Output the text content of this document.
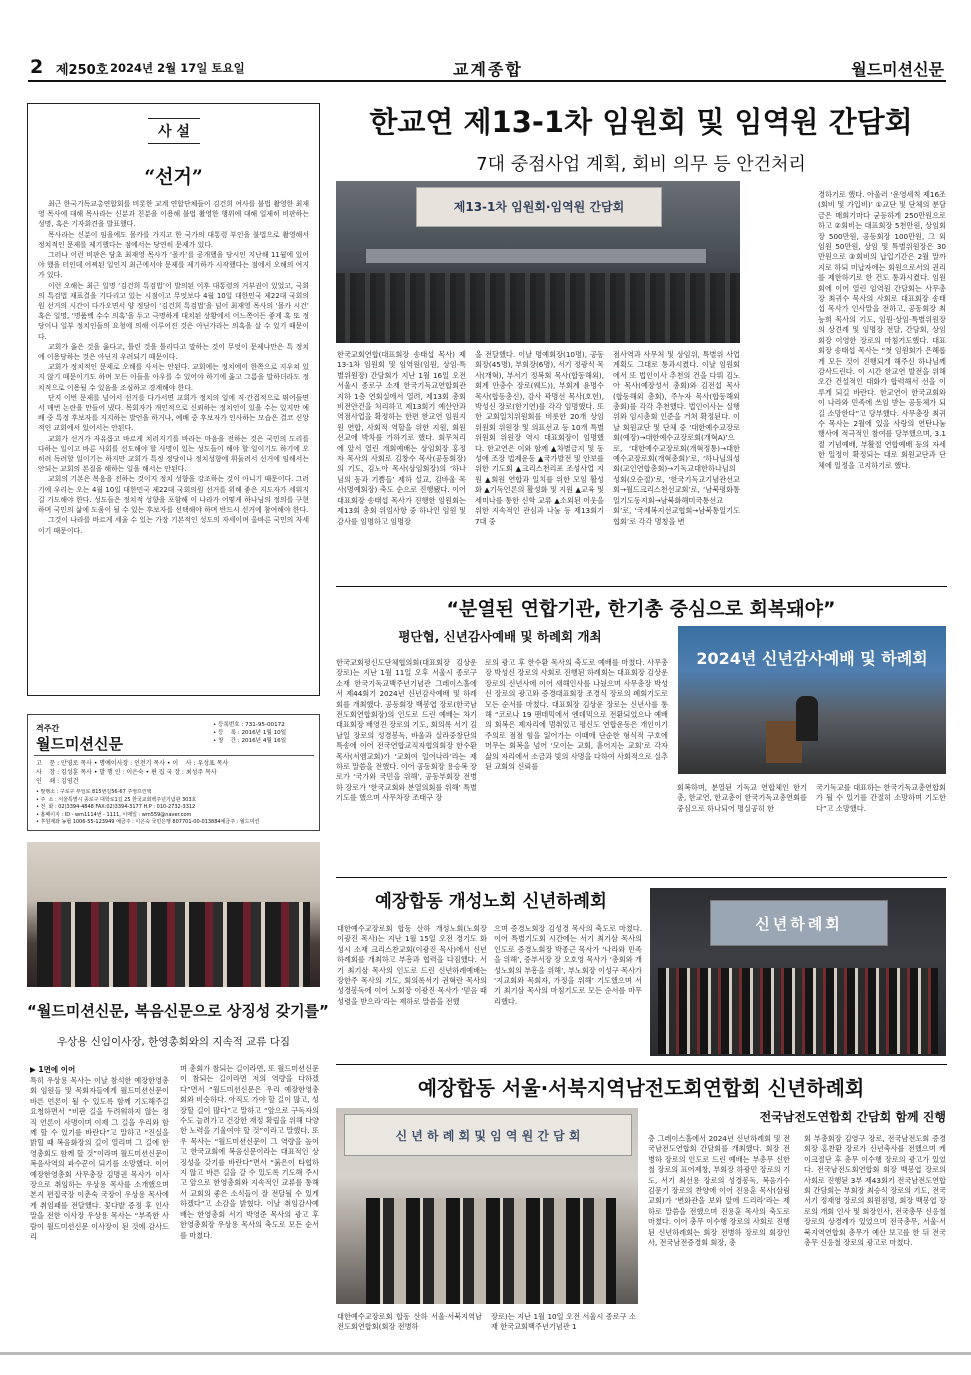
2 제250호 2024년 2월 17일 토요일	교계종합	월드미션신문
사 설
“선거”

최근 한국기독교총연합회를 비롯한 교계 연합단체들이 김건희 여사를 불법 촬영한 최재영 목사에 대해 목사라는 신분과 친분을 이용해 불법 촬영한 행위에 대해 일제히 비판하는 성명, 혹은 기자회견을 발표했다.

목사라는 신분이 임을에도 몰카를 가지고 한 국가의 대통령 부인을 불법으로 촬영해서 정치적인 문제를 제기했다는 점에서는 당연히 문제가 있다.

그러나 이런 비판은 담초 최재영 목사가 ‘몰카’를 공개했을 당시인 지난해 11월에 있어야 했을 터인데 어찌된 일인지 최근에서야 문제를 제기하가 시작했다는 점에서 오해의 여지가 있다.

이런 오해는 최근 일명 ‘김건희 특검법’이 발의된 이후 대통령의 거부권이 있었고, 국회의 특검법 재표결을 기다리고 있는 시점이고 무엇보다 4월 10일 대한민국 제22대 국회의원 선거의 시간이 다가오면서 양 정당이 ‘김건희 특검법’을 넘어 최재영 목사의 ‘몰카 시건’ 혹은 일명, ‘명품백 수수 의혹’을 두고 극명하게 대치된 상황에서 어느쪽이든 좋게 혹 또 정당이나 일부 정치인들의 요청에 의해 이루어진 것은 아닌가라는 의혹을 살 수 있기 때문이다.

교회가 옳은 것을 옳다고, 틀린 것을 틀리다고 말하는 것이 무엇이 문제냐만은 특 정치에 이용당하는 것은 아닌지 우려되기 때문이다.

교회가 정치적인 문제로 오해를 사서는 안된다. 교회에는 정치에이 한쪽으로 지우쳐 있지 않기 때문이기도 하며 모든 이들을 아우를 수 있어야 하기에 옳고 그름을 말하더라도 정치적으로 이용될 수 있음을 조심하고 경계해야 한다.

단지 이번 문제를 넘어서 선거를 다가서면 교회가 정치의 일에 직·간접적으로 뛰어들면서 매번 논란을 만들어 냈다. 목회자가 개인적으로 신뢰하는 정치인이 있을 수는 있지만 예배 중 특정 후보자를 지지하는 발언을 하거나, 예배 중 후보자가 인사하는 모습은 결코 신앙적인 교회에서 있어서는 안된다.

교회가 선거가 자유롭고 바르게 치러지기를 바라는 마음을 전하는 것은 국민의 도리를 다하는 일이고 바른 사회를 선도해야 할 사명이 있는 성도들이 해야 할 일이기도 하기에 오히려 독려할 일이기는 하지만 교회가 특정 정당이나 정치성향에 휘둘려서 선거에 임해서는 안되는 교회의 본질을 해하는 일을 해서는 안된다.

교회의 기본은 복음을 전하는 것이지 정치 성향을 강조하는 것이 아니기 때문이다. 그러기에 우리는 오는 4월 10일 대한민국 제22대 국회의원 선거를 위해 좋은 지도자가 세워지길 기도해야 한다. 성도들은 정치적 성향을 포함해 이 나라가 어떻게 하나님의 정의를 구현하며 국민의 삶에 도움이 될 수 있는 후보자를 선택해야 하며 반드시 선거에 참여해야 한다.

그것이 나라를 바르게 세울 수 있는 가장 기본적인 성도의 자세이며 올바른 국민의 자세이기 때문이다.

격주간
월드미션신문
• 등록번호 : 731-95-00172
• 등    록 : 2016년 1월 10일
• 창    간 : 2016년 4월 16일
고    문 : 안영로 목사 • 명예이사장 : 인전기 목사 • 이    사 : 우성표 목사
사    장 : 김성훈 목사 • 발 행 인 : 이은숙 • 편 집 국 장 : 최성주 목사
인    쇄 : 김영건
• 발행소 : 구로구 부일로 815번길56-67 주영프린텍
• 주  소 : 서울특별시 종로구 대학로1길 25 한국교회백주년기념관 303호
• 전  화 : 02)3394-4848 FAX:02)3394-3177 H.P : 010-2732-3312
• 홈페이지 : ID - wm1114번 - 1111, 이메일 : wm559@naver.com
• 후원계좌 농협 1006-55-123949 예금주 : 이은숙 국민은행 807701-00-013884예금주 : 월드미션
한교연 제13-1차 임원회 및 임역원 간담회
7대 중점사업 계획, 회비 의무 등 안건처리
제13-1차 임원회·임역원 간담회
한국교회연합(대표회장 송태섭 목사) 제13-1차 임원회 및 임역원(임원, 상임·특별위원장) 간담회가 지난 1월 16일 오전 서울시 종로구 소재 한국기독교연합회관 지하 1층 연회실에서 열려, 제13회 총회 비전안건을 처리하고 제13회기 예산안과 역점사업을 확정하는 한편 한교연 임원지원 연합, 사회적 역할을 위한 지원, 회원 선교에 박차를 가하기로 했다. 회무처리에 앞서 열린 개회예배는 상임회장 홍정자 목사의 사회로 김창수 목사(공동회장)의 기도, 김노아 목사(상임회장)의 ‘하나님의 동과 기쁨들’ 제하 설교, 김바울 목사(명예회장) 축도 순으로 진행됐다. 이어 대표회장 송태섭 목사가 진행한 임원회는 제13회 총회 위임사항 중 하나인 임원 및 감사를 임명하고 임명장
을 전달했다. 이날 명예회장(10명), 공동회장(45명), 부회장(6명), 서기 정광식 목사(개혁), 부서기 정복회 목사(합동해외), 회계 안충수 장로(웨드)), 부회계 윤명수 목사(합동총신), 감사 곽명선 목사(호헌), 박성신 장로(한기연)를 각각 임명했다. 또한 교회일치위원회를 비롯한 20개 상임위원회 위원장 및 의표선교 등 10개 특별위원회 위원장 역시 대표회장이 임명했다. 한교연은 이와 함께 ▲차별금지 및 동성애 조장 법제운동 ▲국가발전 및 안보를 위한 기도회 ▲크리스천리포 조성사업 지원 ▲회원 연합과 일치를 위한 모임 활성화 ▲기독언론의 활성화 및 지원 ▲교육 및 세미나를 통한 신학 교류 ▲소외된 이웃을 위한 지속적인 관심과 나눔 등 제13회기 7대 중
점사역과 사무처 및 상임위, 특별위 사업계획도 그대로 통과시켰다. 이날 임원회에서 또 법인이사 추천의 건을 다뤄 김노아 목사(예장성서 총회)와 김전섭 목사(합동해외 총회), 주누자 목사(합동해외 총회)를 각각 추천했다. 법인이사는 실행위와 임시총회 인준을 거쳐 확정된다. 이날 회원교단 및 단체 중 ‘대한예수교장로회(예장)→대한예수교장로회(개혁A)’으로, ‘대한예수교장로회(개혁정통)→대한예수교장로회(개혁총회)’로, ‘하나님의성회(교인연합총회)→기독교대한하나님의성회(오순절)’로, ‘한국기독교기념관선교회→월드크리스천선교회’로, ‘남북평화통일기도동지회→남북화해미국통선교회’로, ‘국제복지선교협회→남북통일기도협회’로 각각 명칭을 변
경하기로 했다. 아울러 ‘운영세칙 제16조 (회비 및 가입비)’ ①교단 및 단체의 분담금은 매회기마다 균등하게 250만원으로 하고 ②회비는 대표회장 5천만원, 상임회장 500만원, 공동회장 100만원, 그 외 임원 50만원, 상임 및 특별위원장은 30만원으로 ③회비의 납입기간은 2월 말까지로 하되 미납자에는 회원으로서의 권리를 제한하기로 한 건도 통과시켰다. 임원회에 이어 열린 임역원 간담회는 사무총장 최귀수 목사의 사회로 대표회장 송태섭 목사가 인사말을 전하고, 공동회장 최능희 목사의 기도, 임원·상임·특별위원장의 상견례 및 임명장 전달, 간담회, 상임회장 이영한 장로의 마침기도했다. 대표회장 송태섭 목사는 “첫 임원회가 은혜롭게 모든 것이 진행되게 해주신 하나님께 감사드린다. 이 시간 한교연 발전을 위해 오간 건설적인 대화가 합력해서 선을 이루게 되길 바란다. 한교연이 한국교회와 이 나라와 민족에 쓰임 받는 공동체가 되길 소망한다”고 당부했다. 사무총장 최귀수 목사는 2월에 있을 사랑의 연탄나눔 행사에 적극적인 참여를 당부했으며, 3.1절 기념예배, 부활절 연합예배 등의 자세한 일정이 확정되는 대로 회원교단과 단체에 일정을 고지하기로 했다.
“분열된 연합기관, 한기총 중심으로 회복돼야”
평단협, 신년감사예배 및 하례회 개최
2024년 신년감사예배 및 하례회
한국교회평신도단체협의회(대표회장 김상운 장로)는 지난 1월 11일 오후 서울시 종로구 소재 한국기독교백주년기념관 그레이스홀에서 제44회기 2024년 신년감사예배 및 하례회를 개최했다. 공동회장 백봉엽 장로(한국남전도회연합회장)의 인도로 드린 예배는 차기 대표회장 배영진 장로의 기도, 회의록 서기 김남일 장로의 성경봉독, 바울과 실라중창단의 특송에 이어 전국연합교직자협의회장 한수환 목사(서엠교회)가 ‘교회여 일어나라’라는 제하로 말씀을 전했다. 이어 공동회장 용승복 장로가 ‘국가와 국민을 위해’, 공동부회장 전병하 장로가 ‘한국교회와 분열의회를 위해’ 특별기도를 했으며 사무차장 조태구 장
로의 광고 후 한수환 목사의 축도로 예배를 마쳤다. 사무총장 박성신 장로의 사회로 진행된 하례회는 대표회장 김상운 장로의 신년사에 이어 새해인사를 나눴으며 사무총장 박성신 장로의 광고와 증경대표회장 조경식 장로의 폐회기도로 모든 순서를 마쳤다. 대표회장 김상운 장로는 신년사를 통해 “코로나 19 팬데믹에서 엔데믹으로 전환되었으나 예배의 회복은 제자리에 멈춰있고 평신도 연합운동은 개인이기주의로 점점 힘을 잃어가는 이때에 단순한 형식적 구호에 머무는 회복을 넘어 ‘모이는 교회, 흩어지는 교회’로 각자 삶의 자리에서 소금과 빛의 사명을 다하여 사회적으로 실추된 교회의 신뢰를
회복하며, 분열된 기독교 연합체인 한기총, 한교연, 한교총이 한국기독교총연회를 중심으로 하나되어 명실공히 한
국기독교를 대표하는 한국기독교총연합회가 될 수 있기를 간절히 소망하며 기도한다”고 소망했다.
“월드미션신문, 복음신문으로 상징성 갖기를”
우상용 신임이사장, 한영총회와의 지속적 교류 다짐
▶ 1면에 이어
특히 우상용 목사는 이날 참석한 예장한영총회 임원들 및 목회자들에게 월드미션신문이 바른 언론이 될 수 있도록 함께 기도해주길 요청하면서 “비판 길을 두려워하지 않는 정직 언론이 사명이며 이제 그 길을 우리와 함께 할 수 있기를 바란다”고 말하고 “진실을 밝힐 때 복음화장의 길이 열리며 그 길에 한영총회도 함께 할 것”이라며 월드미션신문이 복음사역의 파수꾼이 되기를 소망했다. 이어 예장한영총회 사무총장 김명권 목사가 이사장으로 취임하는 우상용 목사를 소개했으며 본지 편집국장 이춘숙 국장이 우상용 목사에게 취임패를 전달했다. 꽃다발 증정 후 인사말을 전한 이사장 우상용 목사는 “부족한 사람이 월드미션신문 이사장이 된 것에 감사드리
며 총회가 참되는 길이라면, 또 월드미션신문이 참되는 길이라면 저의 역량을 다하겠다”면서 “월드미션신문은 우리 예장한영총회와 비슷하다. 아직도 가야 할 길이 많고, 성장할 길이 많다”고 말하고 “앞으로 구독자의 수도 늘려가고 건강한 재정 확립을 위해 다양한 노력을 기울여야 할 것”이라고 말했다. 또 우 목사는 “월드미션신문이 그 역량을 높이고 한국교회에 복음신문이라는 대표적인 상징성을 갖기를 바란다”면서 “붉은이 타협하지 않고 바른 길을 갈 수 있도록 기도해 주시고 앞으로 한영총회와 지속적인 교류를 통해서 교회의 좋은 소식들이 잘 전달될 수 있게 하겠다”고 소감을 밝혔다. 이날 취임감사예배는 한영총회 서기 박영준 목사의 광고 후 한영총회장 우상용 목사의 축도로 모든 순서를 마쳤다.
예장합동 개성노회 신년하례회
대한예수교장로회 합동 산하 개성노회(노회장 이광진 목사)는 지난 1월 15일 오전 경기도 화성시 소재 크리스찬교회(이광진 목사)에서 신년하례회를 개최하고 부흥과 협력을 다짐했다. 서기 최기삼 목사의 인도로 드린 신년하례예배는 장한주 목사의 기도, 회의록서기 권혁란 목사의 성경봉독에 이어 노회장 이광진 목사가 ‘믿음 때 성령을 받으라’라는 제하로 말씀을 전했
으며 증경노회장 김성경 목사의 축도로 마쳤다. 이어 특별기도회 시간에는 서기 최기삼 목사의 인도로 증경노회장 박종근 목사가 ‘나라와 민족을 위해’, 증부서장 장 오호영 목사가 ‘총회와 개성노회의 부흥을 위해’, 부노회장 이성구 목사가 ‘지교회와 목회자, 가정을 위해’ 기도했으며 서기 최기삼 목사의 마침기도로 모든 순서를 마무리했다.
신년하례회
예장합동 서울·서북지역남전도회연합회 신년하례회
전국남전도연합회 간담회 함께 진행
신 년 하 례 회 및 임 역 원 간 담 회
대한예수교장로회 합동 산하 서울·서북지역남전도회연합회(회장 전병하
장로)는 지난 1월 10일 오전 서울시 종로구 소재 한국교회백주년기념관 1
층 그레이스홀에서 2024년 신년하례회 및 전국남전도연합회 간담회를 개최했다. 회장 전병하 장로의 인도로 드린 예배는 부총무 신한철 장로의 표어제창, 부회장 하광민 장로의 기도, 서기 최선용 장로의 성경봉독, 복음가수 김문기 장로의 찬양에 이어 진용훈 목사(삼림교회)가 ‘변화관을 보와 앞에 드리라’라는 제하로 말씀을 전했으며 진용훈 목사의 축도로 마쳤다. 이어 총무 이수행 장로의 사회로 진행된 신년하례회는 회장 전병하 장로의 회장인사, 전국남전증경회 회장, 총
회 부총회장 김영구 장로, 전국남전도회 증경회장 홍찬환 장로가 신년축사를 전했으며 케이크절단 후 총무 이수행 장로의 광고가 있었다. 전국남전도회연합회 회장 백봉엽 장로의 사회로 진행된 3부 제43회기 전국남전도연합회 간담회는 부회장 최승식 장로의 기도, 전국서기 정재영 장로의 회원점명, 회장 백봉엽 장로의 개회 인사 및 회장인사, 전국총무 신응철 장로의 상경례가 있었으며 전국총무, 서울·서북지역연합회 총무가 예산 보고를 한 뒤 전국총무 신응철 장로의 광고로 마쳤다.
